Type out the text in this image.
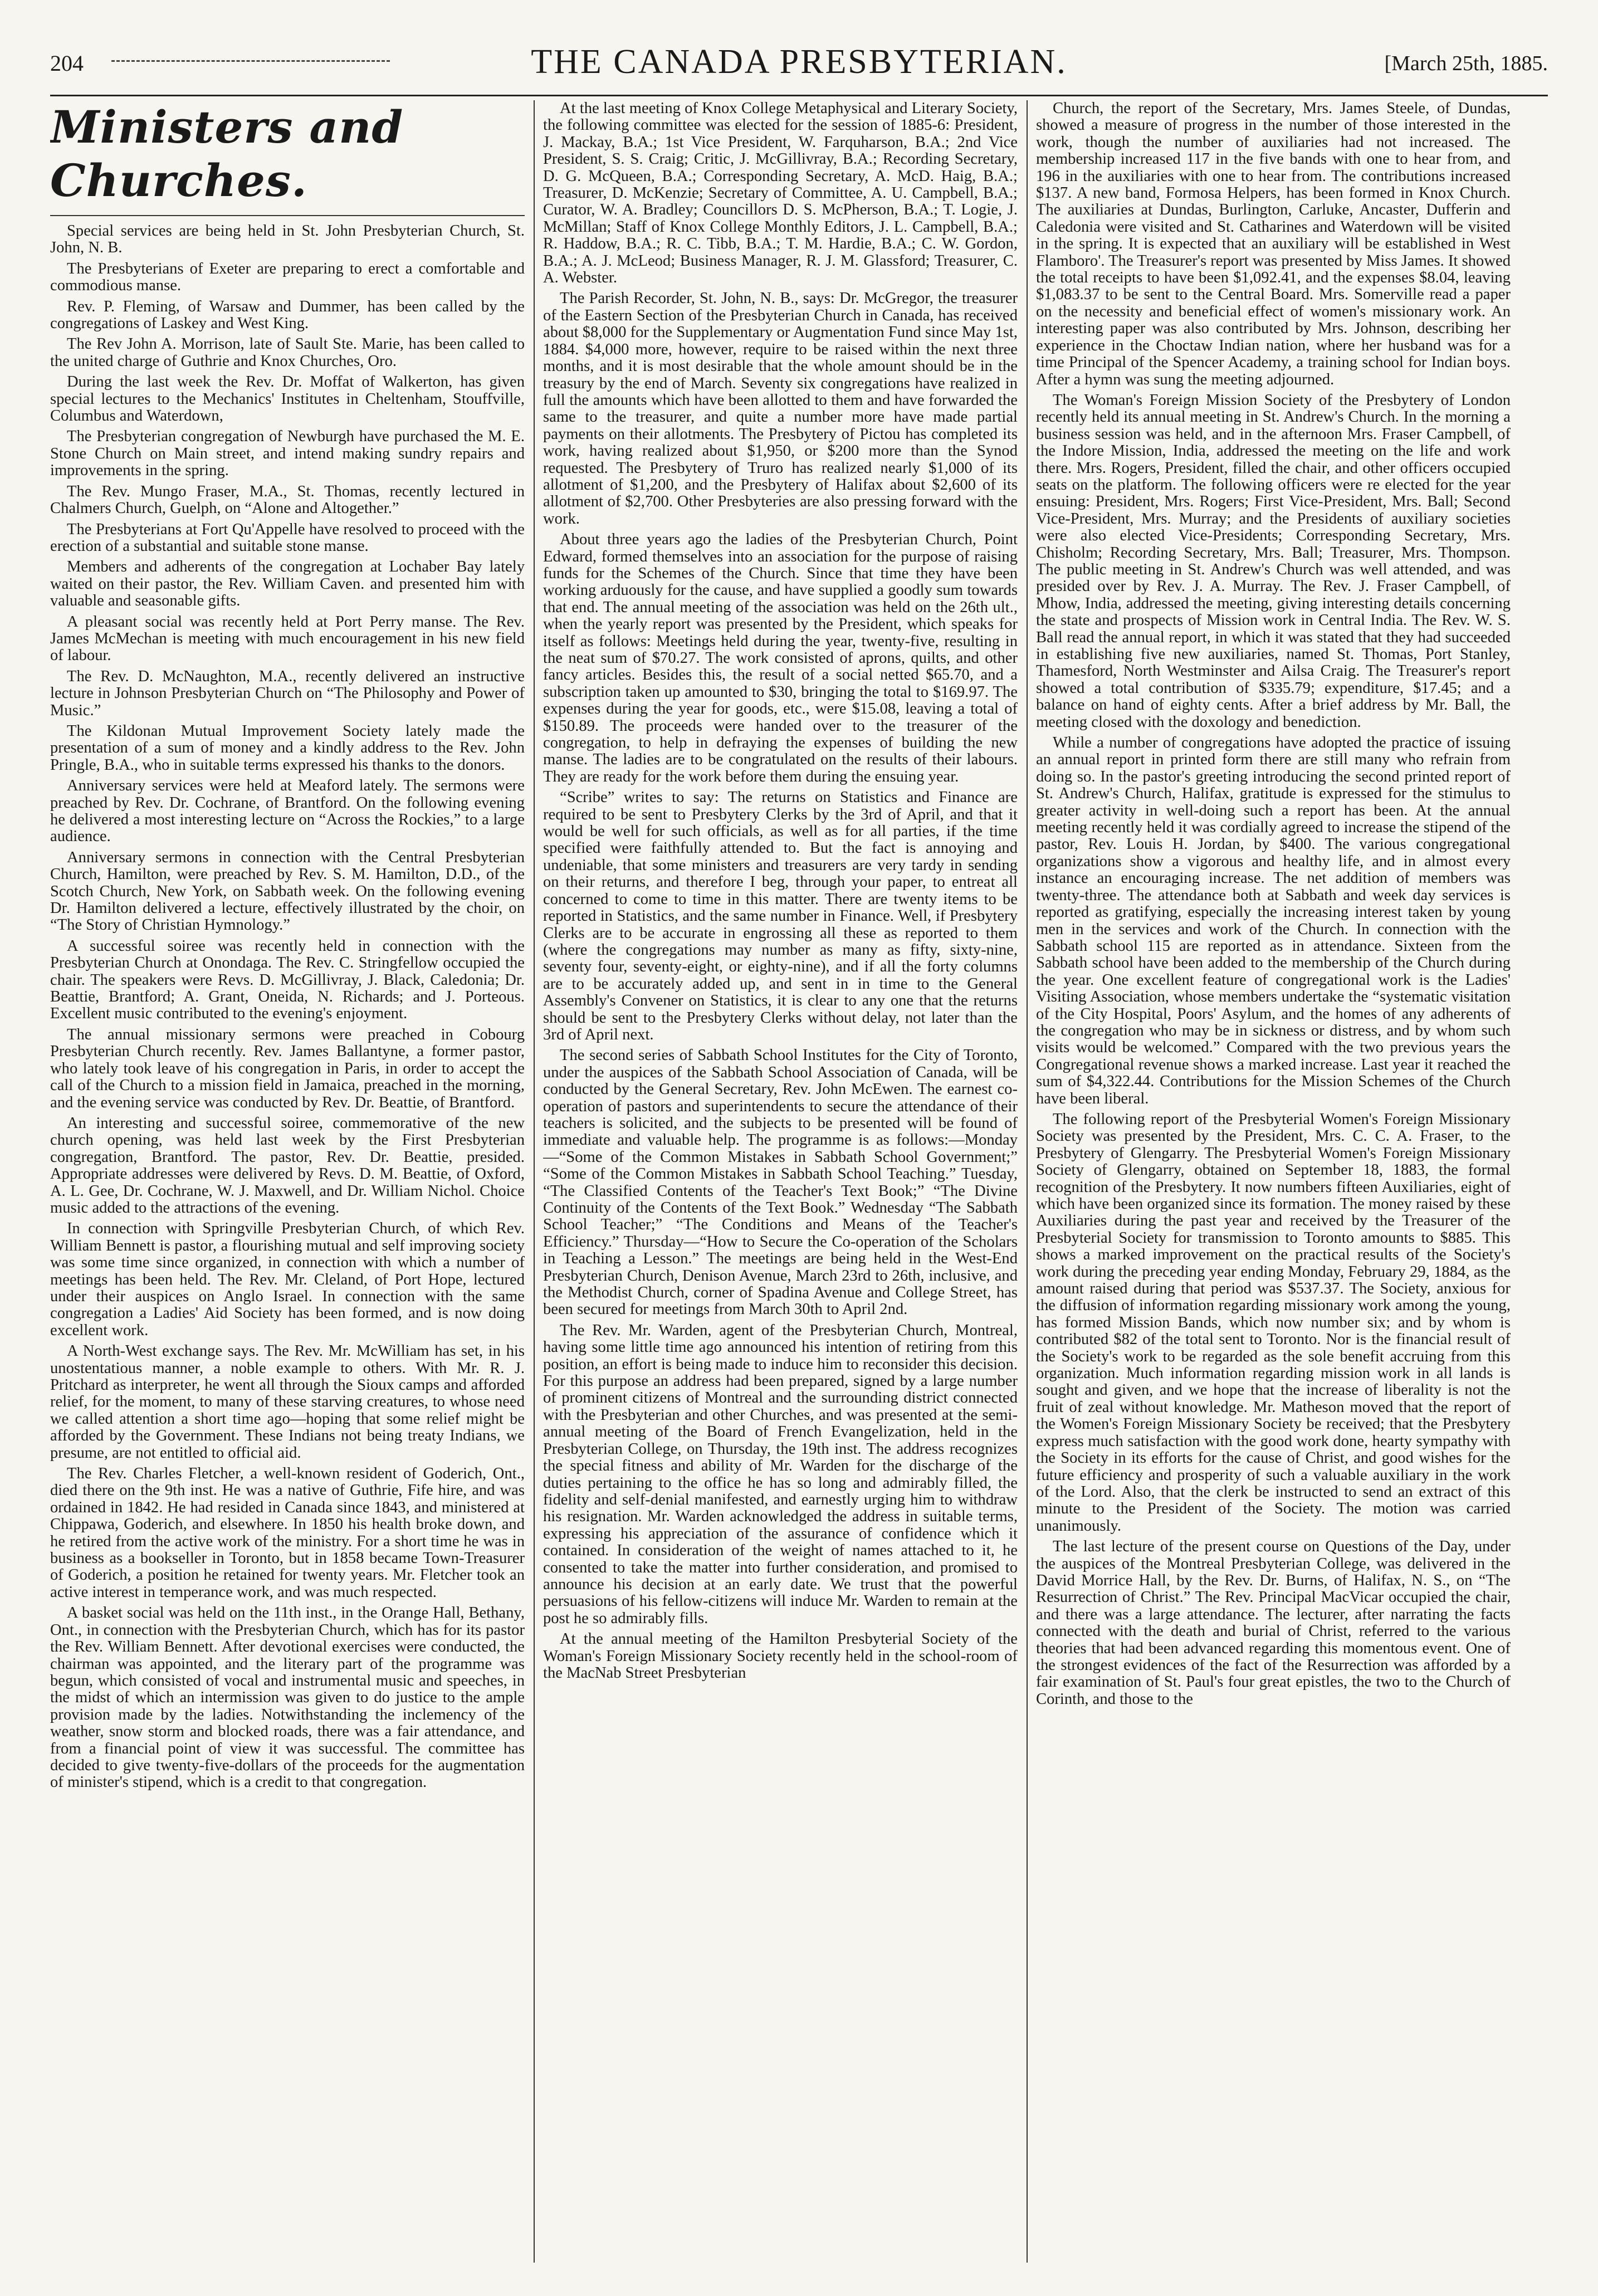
204	THE CANADA PRESBYTERIAN.	[March 25th, 1885.
Ministers and Churches.

Special services are being held in St. John Presbyterian Church, St. John, N. B.

The Presbyterians of Exeter are preparing to erect a comfortable and commodious manse.

Rev. P. Fleming, of Warsaw and Dummer, has been called by the congregations of Laskey and West King.

The Rev John A. Morrison, late of Sault Ste. Marie, has been called to the united charge of Guthrie and Knox Churches, Oro.

During the last week the Rev. Dr. Moffat of Walkerton, has given special lectures to the Mechanics' Institutes in Cheltenham, Stouffville, Columbus and Waterdown,

The Presbyterian congregation of Newburgh have purchased the M. E. Stone Church on Main street, and intend making sundry repairs and improvements in the spring.

The Rev. Mungo Fraser, M.A., St. Thomas, recently lectured in Chalmers Church, Guelph, on “Alone and Altogether.”

The Presbyterians at Fort Qu'Appelle have resolved to proceed with the erection of a substantial and suitable stone manse.

Members and adherents of the congregation at Lochaber Bay lately waited on their pastor, the Rev. William Caven. and presented him with valuable and seasonable gifts.

A pleasant social was recently held at Port Perry manse. The Rev. James McMechan is meeting with much encouragement in his new field of labour.

The Rev. D. McNaughton, M.A., recently delivered an instructive lecture in Johnson Presbyterian Church on “The Philosophy and Power of Music.”

The Kildonan Mutual Improvement Society lately made the presentation of a sum of money and a kindly address to the Rev. John Pringle, B.A., who in suitable terms expressed his thanks to the donors.

Anniversary services were held at Meaford lately. The sermons were preached by Rev. Dr. Cochrane, of Brantford. On the following evening he delivered a most interesting lecture on “Across the Rockies,” to a large audience.

Anniversary sermons in connection with the Central Presbyterian Church, Hamilton, were preached by Rev. S. M. Hamilton, D.D., of the Scotch Church, New York, on Sabbath week. On the following evening Dr. Hamilton delivered a lecture, effectively illustrated by the choir, on “The Story of Christian Hymnology.”

A successful soiree was recently held in connection with the Presbyterian Church at Onondaga. The Rev. C. Stringfellow occupied the chair. The speakers were Revs. D. McGillivray, J. Black, Caledonia; Dr. Beattie, Brantford; A. Grant, Oneida, N. Richards; and J. Porteous. Excellent music contributed to the evening's enjoyment.

The annual missionary sermons were preached in Cobourg Presbyterian Church recently. Rev. James Ballantyne, a former pastor, who lately took leave of his congregation in Paris, in order to accept the call of the Church to a mission field in Jamaica, preached in the morning, and the evening service was conducted by Rev. Dr. Beattie, of Brantford.

An interesting and successful soiree, commemorative of the new church opening, was held last week by the First Presbyterian congregation, Brantford. The pastor, Rev. Dr. Beattie, presided. Appropriate addresses were delivered by Revs. D. M. Beattie, of Oxford, A. L. Gee, Dr. Cochrane, W. J. Maxwell, and Dr. William Nichol. Choice music added to the attractions of the evening.

In connection with Springville Presbyterian Church, of which Rev. William Bennett is pastor, a flourishing mutual and self improving society was some time since organized, in connection with which a number of meetings has been held. The Rev. Mr. Cleland, of Port Hope, lectured under their auspices on Anglo Israel. In connection with the same congregation a Ladies' Aid Society has been formed, and is now doing excellent work.

A North-West exchange says. The Rev. Mr. McWilliam has set, in his unostentatious manner, a noble example to others. With Mr. R. J. Pritchard as interpreter, he went all through the Sioux camps and afforded relief, for the moment, to many of these starving creatures, to whose need we called attention a short time ago—hoping that some relief might be afforded by the Government. These Indians not being treaty Indians, we presume, are not entitled to official aid.

The Rev. Charles Fletcher, a well-known resident of Goderich, Ont., died there on the 9th inst. He was a native of Guthrie, Fife hire, and was ordained in 1842. He had resided in Canada since 1843, and ministered at Chippawa, Goderich, and elsewhere. In 1850 his health broke down, and he retired from the active work of the ministry. For a short time he was in business as a bookseller in Toronto, but in 1858 became Town-Treasurer of Goderich, a position he retained for twenty years. Mr. Fletcher took an active interest in temperance work, and was much respected.

A basket social was held on the 11th inst., in the Orange Hall, Bethany, Ont., in connection with the Presbyterian Church, which has for its pastor the Rev. William Bennett. After devotional exercises were conducted, the chairman was appointed, and the literary part of the programme was begun, which consisted of vocal and instrumental music and speeches, in the midst of which an intermission was given to do justice to the ample provision made by the ladies. Notwithstanding the inclemency of the weather, snow storm and blocked roads, there was a fair attendance, and from a financial point of view it was successful. The committee has decided to give twenty-five-dollars of the proceeds for the augmentation of minister's stipend, which is a credit to that congregation.

At the last meeting of Knox College Metaphysical and Literary Society, the following committee was elected for the session of 1885-6: President, J. Mackay, B.A.; 1st Vice President, W. Farquharson, B.A.; 2nd Vice President, S. S. Craig; Critic, J. McGillivray, B.A.; Recording Secretary, D. G. McQueen, B.A.; Corresponding Secretary, A. McD. Haig, B.A.; Treasurer, D. McKenzie; Secretary of Committee, A. U. Campbell, B.A.; Curator, W. A. Bradley; Councillors D. S. McPherson, B.A.; T. Logie, J. McMillan; Staff of Knox College Monthly Editors, J. L. Campbell, B.A.; R. Haddow, B.A.; R. C. Tibb, B.A.; T. M. Hardie, B.A.; C. W. Gordon, B.A.; A. J. McLeod; Business Manager, R. J. M. Glassford; Treasurer, C. A. Webster.

The Parish Recorder, St. John, N. B., says: Dr. McGregor, the treasurer of the Eastern Section of the Presbyterian Church in Canada, has received about $8,000 for the Supplementary or Augmentation Fund since May 1st, 1884. $4,000 more, however, require to be raised within the next three months, and it is most desirable that the whole amount should be in the treasury by the end of March. Seventy six congregations have realized in full the amounts which have been allotted to them and have forwarded the same to the treasurer, and quite a number more have made partial payments on their allotments. The Presbytery of Pictou has completed its work, having realized about $1,950, or $200 more than the Synod requested. The Presbytery of Truro has realized nearly $1,000 of its allotment of $1,200, and the Presbytery of Halifax about $2,600 of its allotment of $2,700. Other Presbyteries are also pressing forward with the work.

About three years ago the ladies of the Presbyterian Church, Point Edward, formed themselves into an association for the purpose of raising funds for the Schemes of the Church. Since that time they have been working arduously for the cause, and have supplied a goodly sum towards that end. The annual meeting of the association was held on the 26th ult., when the yearly report was presented by the President, which speaks for itself as follows: Meetings held during the year, twenty-five, resulting in the neat sum of $70.27. The work consisted of aprons, quilts, and other fancy articles. Besides this, the result of a social netted $65.70, and a subscription taken up amounted to $30, bringing the total to $169.97. The expenses during the year for goods, etc., were $15.08, leaving a total of $150.89. The proceeds were handed over to the treasurer of the congregation, to help in defraying the expenses of building the new manse. The ladies are to be congratulated on the results of their labours. They are ready for the work before them during the ensuing year.

“Scribe” writes to say: The returns on Statistics and Finance are required to be sent to Presbytery Clerks by the 3rd of April, and that it would be well for such officials, as well as for all parties, if the time specified were faithfully attended to. But the fact is annoying and undeniable, that some ministers and treasurers are very tardy in sending on their returns, and therefore I beg, through your paper, to entreat all concerned to come to time in this matter. There are twenty items to be reported in Statistics, and the same number in Finance. Well, if Presbytery Clerks are to be accurate in engrossing all these as reported to them (where the congregations may number as many as fifty, sixty-nine, seventy four, seventy-eight, or eighty-nine), and if all the forty columns are to be accurately added up, and sent in in time to the General Assembly's Convener on Statistics, it is clear to any one that the returns should be sent to the Presbytery Clerks without delay, not later than the 3rd of April next.

The second series of Sabbath School Institutes for the City of Toronto, under the auspices of the Sabbath School Association of Canada, will be conducted by the General Secretary, Rev. John McEwen. The earnest co-operation of pastors and superintendents to secure the attendance of their teachers is solicited, and the subjects to be presented will be found of immediate and valuable help. The programme is as follows:—Monday—“Some of the Common Mistakes in Sabbath School Government;” “Some of the Common Mistakes in Sabbath School Teaching.” Tuesday, “The Classified Contents of the Teacher's Text Book;” “The Divine Continuity of the Contents of the Text Book.” Wednesday “The Sabbath School Teacher;” “The Conditions and Means of the Teacher's Efficiency.” Thursday—“How to Secure the Co-operation of the Scholars in Teaching a Lesson.” The meetings are being held in the West-End Presbyterian Church, Denison Avenue, March 23rd to 26th, inclusive, and the Methodist Church, corner of Spadina Avenue and College Street, has been secured for meetings from March 30th to April 2nd.

The Rev. Mr. Warden, agent of the Presbyterian Church, Montreal, having some little time ago announced his intention of retiring from this position, an effort is being made to induce him to reconsider this decision. For this purpose an address had been prepared, signed by a large number of prominent citizens of Montreal and the surrounding district connected with the Presbyterian and other Churches, and was presented at the semi-annual meeting of the Board of French Evangelization, held in the Presbyterian College, on Thursday, the 19th inst. The address recognizes the special fitness and ability of Mr. Warden for the discharge of the duties pertaining to the office he has so long and admirably filled, the fidelity and self-denial manifested, and earnestly urging him to withdraw his resignation. Mr. Warden acknowledged the address in suitable terms, expressing his appreciation of the assurance of confidence which it contained. In consideration of the weight of names attached to it, he consented to take the matter into further consideration, and promised to announce his decision at an early date. We trust that the powerful persuasions of his fellow-citizens will induce Mr. Warden to remain at the post he so admirably fills.

At the annual meeting of the Hamilton Presbyterial Society of the Woman's Foreign Missionary Society recently held in the school-room of the MacNab Street Presbyterian

Church, the report of the Secretary, Mrs. James Steele, of Dundas, showed a measure of progress in the number of those interested in the work, though the number of auxiliaries had not increased. The membership increased 117 in the five bands with one to hear from, and 196 in the auxiliaries with one to hear from. The contributions increased $137. A new band, Formosa Helpers, has been formed in Knox Church. The auxiliaries at Dundas, Burlington, Carluke, Ancaster, Dufferin and Caledonia were visited and St. Catharines and Waterdown will be visited in the spring. It is expected that an auxiliary will be established in West Flamboro'. The Treasurer's report was presented by Miss James. It showed the total receipts to have been $1,092.41, and the expenses $8.04, leaving $1,083.37 to be sent to the Central Board. Mrs. Somerville read a paper on the necessity and beneficial effect of women's missionary work. An interesting paper was also contributed by Mrs. Johnson, describing her experience in the Choctaw Indian nation, where her husband was for a time Principal of the Spencer Academy, a training school for Indian boys. After a hymn was sung the meeting adjourned.

The Woman's Foreign Mission Society of the Presbytery of London recently held its annual meeting in St. Andrew's Church. In the morning a business session was held, and in the afternoon Mrs. Fraser Campbell, of the Indore Mission, India, addressed the meeting on the life and work there. Mrs. Rogers, President, filled the chair, and other officers occupied seats on the platform. The following officers were re elected for the year ensuing: President, Mrs. Rogers; First Vice-President, Mrs. Ball; Second Vice-President, Mrs. Murray; and the Presidents of auxiliary societies were also elected Vice-Presidents; Corresponding Secretary, Mrs. Chisholm; Recording Secretary, Mrs. Ball; Treasurer, Mrs. Thompson. The public meeting in St. Andrew's Church was well attended, and was presided over by Rev. J. A. Murray. The Rev. J. Fraser Campbell, of Mhow, India, addressed the meeting, giving interesting details concerning the state and prospects of Mission work in Central India. The Rev. W. S. Ball read the annual report, in which it was stated that they had succeeded in establishing five new auxiliaries, named St. Thomas, Port Stanley, Thamesford, North Westminster and Ailsa Craig. The Treasurer's report showed a total contribution of $335.79; expenditure, $17.45; and a balance on hand of eighty cents. After a brief address by Mr. Ball, the meeting closed with the doxology and benediction.

While a number of congregations have adopted the practice of issuing an annual report in printed form there are still many who refrain from doing so. In the pastor's greeting introducing the second printed report of St. Andrew's Church, Halifax, gratitude is expressed for the stimulus to greater activity in well-doing such a report has been. At the annual meeting recently held it was cordially agreed to increase the stipend of the pastor, Rev. Louis H. Jordan, by $400. The various congregational organizations show a vigorous and healthy life, and in almost every instance an encouraging increase. The net addition of members was twenty-three. The attendance both at Sabbath and week day services is reported as gratifying, especially the increasing interest taken by young men in the services and work of the Church. In connection with the Sabbath school 115 are reported as in attendance. Sixteen from the Sabbath school have been added to the membership of the Church during the year. One excellent feature of congregational work is the Ladies' Visiting Association, whose members undertake the “systematic visitation of the City Hospital, Poors' Asylum, and the homes of any adherents of the congregation who may be in sickness or distress, and by whom such visits would be welcomed.” Compared with the two previous years the Congregational revenue shows a marked increase. Last year it reached the sum of $4,322.44. Contributions for the Mission Schemes of the Church have been liberal.

The following report of the Presbyterial Women's Foreign Missionary Society was presented by the President, Mrs. C. C. A. Fraser, to the Presbytery of Glengarry. The Presbyterial Women's Foreign Missionary Society of Glengarry, obtained on September 18, 1883, the formal recognition of the Presbytery. It now numbers fifteen Auxiliaries, eight of which have been organized since its formation. The money raised by these Auxiliaries during the past year and received by the Treasurer of the Presbyterial Society for transmission to Toronto amounts to $885. This shows a marked improvement on the practical results of the Society's work during the preceding year ending Monday, February 29, 1884, as the amount raised during that period was $537.37. The Society, anxious for the diffusion of information regarding missionary work among the young, has formed Mission Bands, which now number six; and by whom is contributed $82 of the total sent to Toronto. Nor is the financial result of the Society's work to be regarded as the sole benefit accruing from this organization. Much information regarding mission work in all lands is sought and given, and we hope that the increase of liberality is not the fruit of zeal without knowledge. Mr. Matheson moved that the report of the Women's Foreign Missionary Society be received; that the Presbytery express much satisfaction with the good work done, hearty sympathy with the Society in its efforts for the cause of Christ, and good wishes for the future efficiency and prosperity of such a valuable auxiliary in the work of the Lord. Also, that the clerk be instructed to send an extract of this minute to the President of the Society. The motion was carried unanimously.

The last lecture of the present course on Questions of the Day, under the auspices of the Montreal Presbyterian College, was delivered in the David Morrice Hall, by the Rev. Dr. Burns, of Halifax, N. S., on “The Resurrection of Christ.” The Rev. Principal MacVicar occupied the chair, and there was a large attendance. The lecturer, after narrating the facts connected with the death and burial of Christ, referred to the various theories that had been advanced regarding this momentous event. One of the strongest evidences of the fact of the Resurrection was afforded by a fair examination of St. Paul's four great epistles, the two to the Church of Corinth, and those to the
